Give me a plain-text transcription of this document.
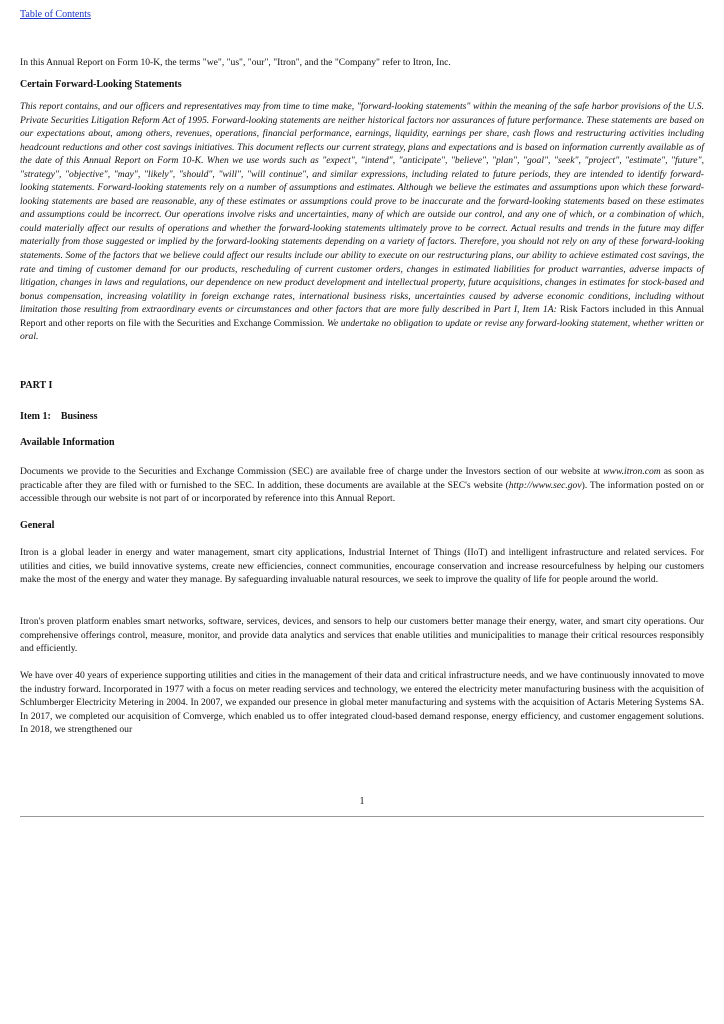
Table of Contents

In this Annual Report on Form 10-K, the terms "we", "us", "our", "Itron", and the "Company" refer to Itron, Inc.

Certain Forward-Looking Statements

This report contains, and our officers and representatives may from time to time make, "forward-looking statements" within the meaning of the safe harbor provisions of the U.S. Private Securities Litigation Reform Act of 1995. Forward-looking statements are neither historical factors nor assurances of future performance. These statements are based on our expectations about, among others, revenues, operations, financial performance, earnings, liquidity, earnings per share, cash flows and restructuring activities including headcount reductions and other cost savings initiatives. This document reflects our current strategy, plans and expectations and is based on information currently available as of the date of this Annual Report on Form 10-K. When we use words such as "expect", "intend", "anticipate", "believe", "plan", "goal", "seek", "project", "estimate", "future", "strategy", "objective", "may", "likely", "should", "will", "will continue", and similar expressions, including related to future periods, they are intended to identify forward-looking statements. Forward-looking statements rely on a number of assumptions and estimates. Although we believe the estimates and assumptions upon which these forward-looking statements are based are reasonable, any of these estimates or assumptions could prove to be inaccurate and the forward-looking statements based on these estimates and assumptions could be incorrect. Our operations involve risks and uncertainties, many of which are outside our control, and any one of which, or a combination of which, could materially affect our results of operations and whether the forward-looking statements ultimately prove to be correct. Actual results and trends in the future may differ materially from those suggested or implied by the forward-looking statements depending on a variety of factors. Therefore, you should not rely on any of these forward-looking statements. Some of the factors that we believe could affect our results include our ability to execute on our restructuring plans, our ability to achieve estimated cost savings, the rate and timing of customer demand for our products, rescheduling of current customer orders, changes in estimated liabilities for product warranties, adverse impacts of litigation, changes in laws and regulations, our dependence on new product development and intellectual property, future acquisitions, changes in estimates for stock-based and bonus compensation, increasing volatility in foreign exchange rates, international business risks, uncertainties caused by adverse economic conditions, including without limitation those resulting from extraordinary events or circumstances and other factors that are more fully described in Part I, Item 1A: Risk Factors included in this Annual Report and other reports on file with the Securities and Exchange Commission. We undertake no obligation to update or revise any forward-looking statement, whether written or oral.

PART I

Item 1: Business

Available Information

Documents we provide to the Securities and Exchange Commission (SEC) are available free of charge under the Investors section of our website at www.itron.com as soon as practicable after they are filed with or furnished to the SEC. In addition, these documents are available at the SEC's website (http://www.sec.gov). The information posted on or accessible through our website is not part of or incorporated by reference into this Annual Report.

General

Itron is a global leader in energy and water management, smart city applications, Industrial Internet of Things (IIoT) and intelligent infrastructure and related services. For utilities and cities, we build innovative systems, create new efficiencies, connect communities, encourage conservation and increase resourcefulness by helping our customers make the most of the energy and water they manage. By safeguarding invaluable natural resources, we seek to improve the quality of life for people around the world.

Itron's proven platform enables smart networks, software, services, devices, and sensors to help our customers better manage their energy, water, and smart city operations. Our comprehensive offerings control, measure, monitor, and provide data analytics and services that enable utilities and municipalities to manage their critical resources responsibly and efficiently.

We have over 40 years of experience supporting utilities and cities in the management of their data and critical infrastructure needs, and we have continuously innovated to move the industry forward. Incorporated in 1977 with a focus on meter reading services and technology, we entered the electricity meter manufacturing business with the acquisition of Schlumberger Electricity Metering in 2004. In 2007, we expanded our presence in global meter manufacturing and systems with the acquisition of Actaris Metering Systems SA. In 2017, we completed our acquisition of Comverge, which enabled us to offer integrated cloud-based demand response, energy efficiency, and customer engagement solutions. In 2018, we strengthened our

1
